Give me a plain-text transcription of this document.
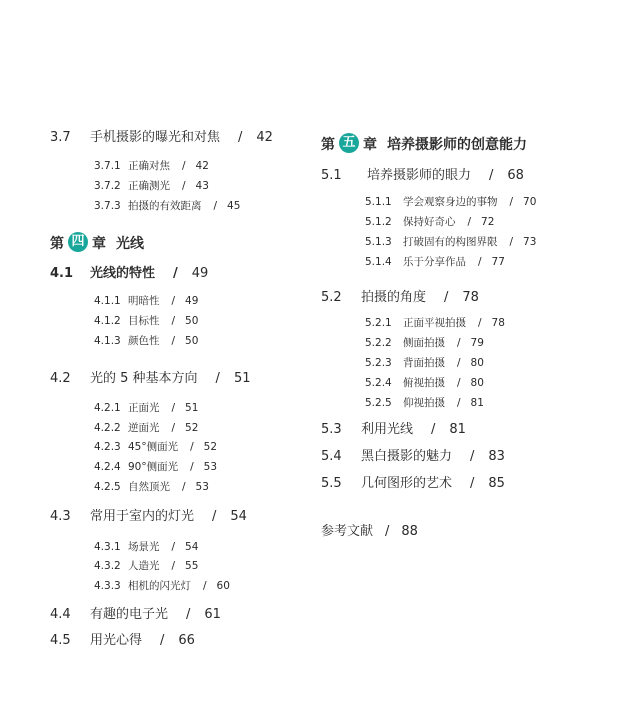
3.7 手机摄影的曝光和对焦 / 42
3.7.1 正确对焦 / 42
3.7.2 正确测光 / 43
3.7.3 拍摄的有效距离 / 45
第 四 章 光线
4.1 光线的特性 / 49
4.1.1 明暗性 / 49
4.1.2 目标性 / 50
4.1.3 颜色性 / 50
4.2 光的 5 种基本方向 / 51
4.2.1 正面光 / 51
4.2.2 逆面光 / 52
4.2.3 45°侧面光 / 52
4.2.4 90°侧面光 / 53
4.2.5 自然顶光 / 53
4.3 常用于室内的灯光 / 54
4.3.1 场景光 / 54
4.3.2 人造光 / 55
4.3.3 相机的闪光灯 / 60
4.4 有趣的电子光 / 61
4.5 用光心得 / 66
第 五 章 培养摄影师的创意能力
5.1 培养摄影师的眼力 / 68
5.1.1 学会观察身边的事物 / 70
5.1.2 保持好奇心 / 72
5.1.3 打破固有的构图界限 / 73
5.1.4 乐于分享作品 / 77
5.2 拍摄的角度 / 78
5.2.1 正面平视拍摄 / 78
5.2.2 侧面拍摄 / 79
5.2.3 背面拍摄 / 80
5.2.4 俯视拍摄 / 80
5.2.5 仰视拍摄 / 81
5.3 利用光线 / 81
5.4 黑白摄影的魅力 / 83
5.5 几何图形的艺术 / 85
参考文献 / 88
